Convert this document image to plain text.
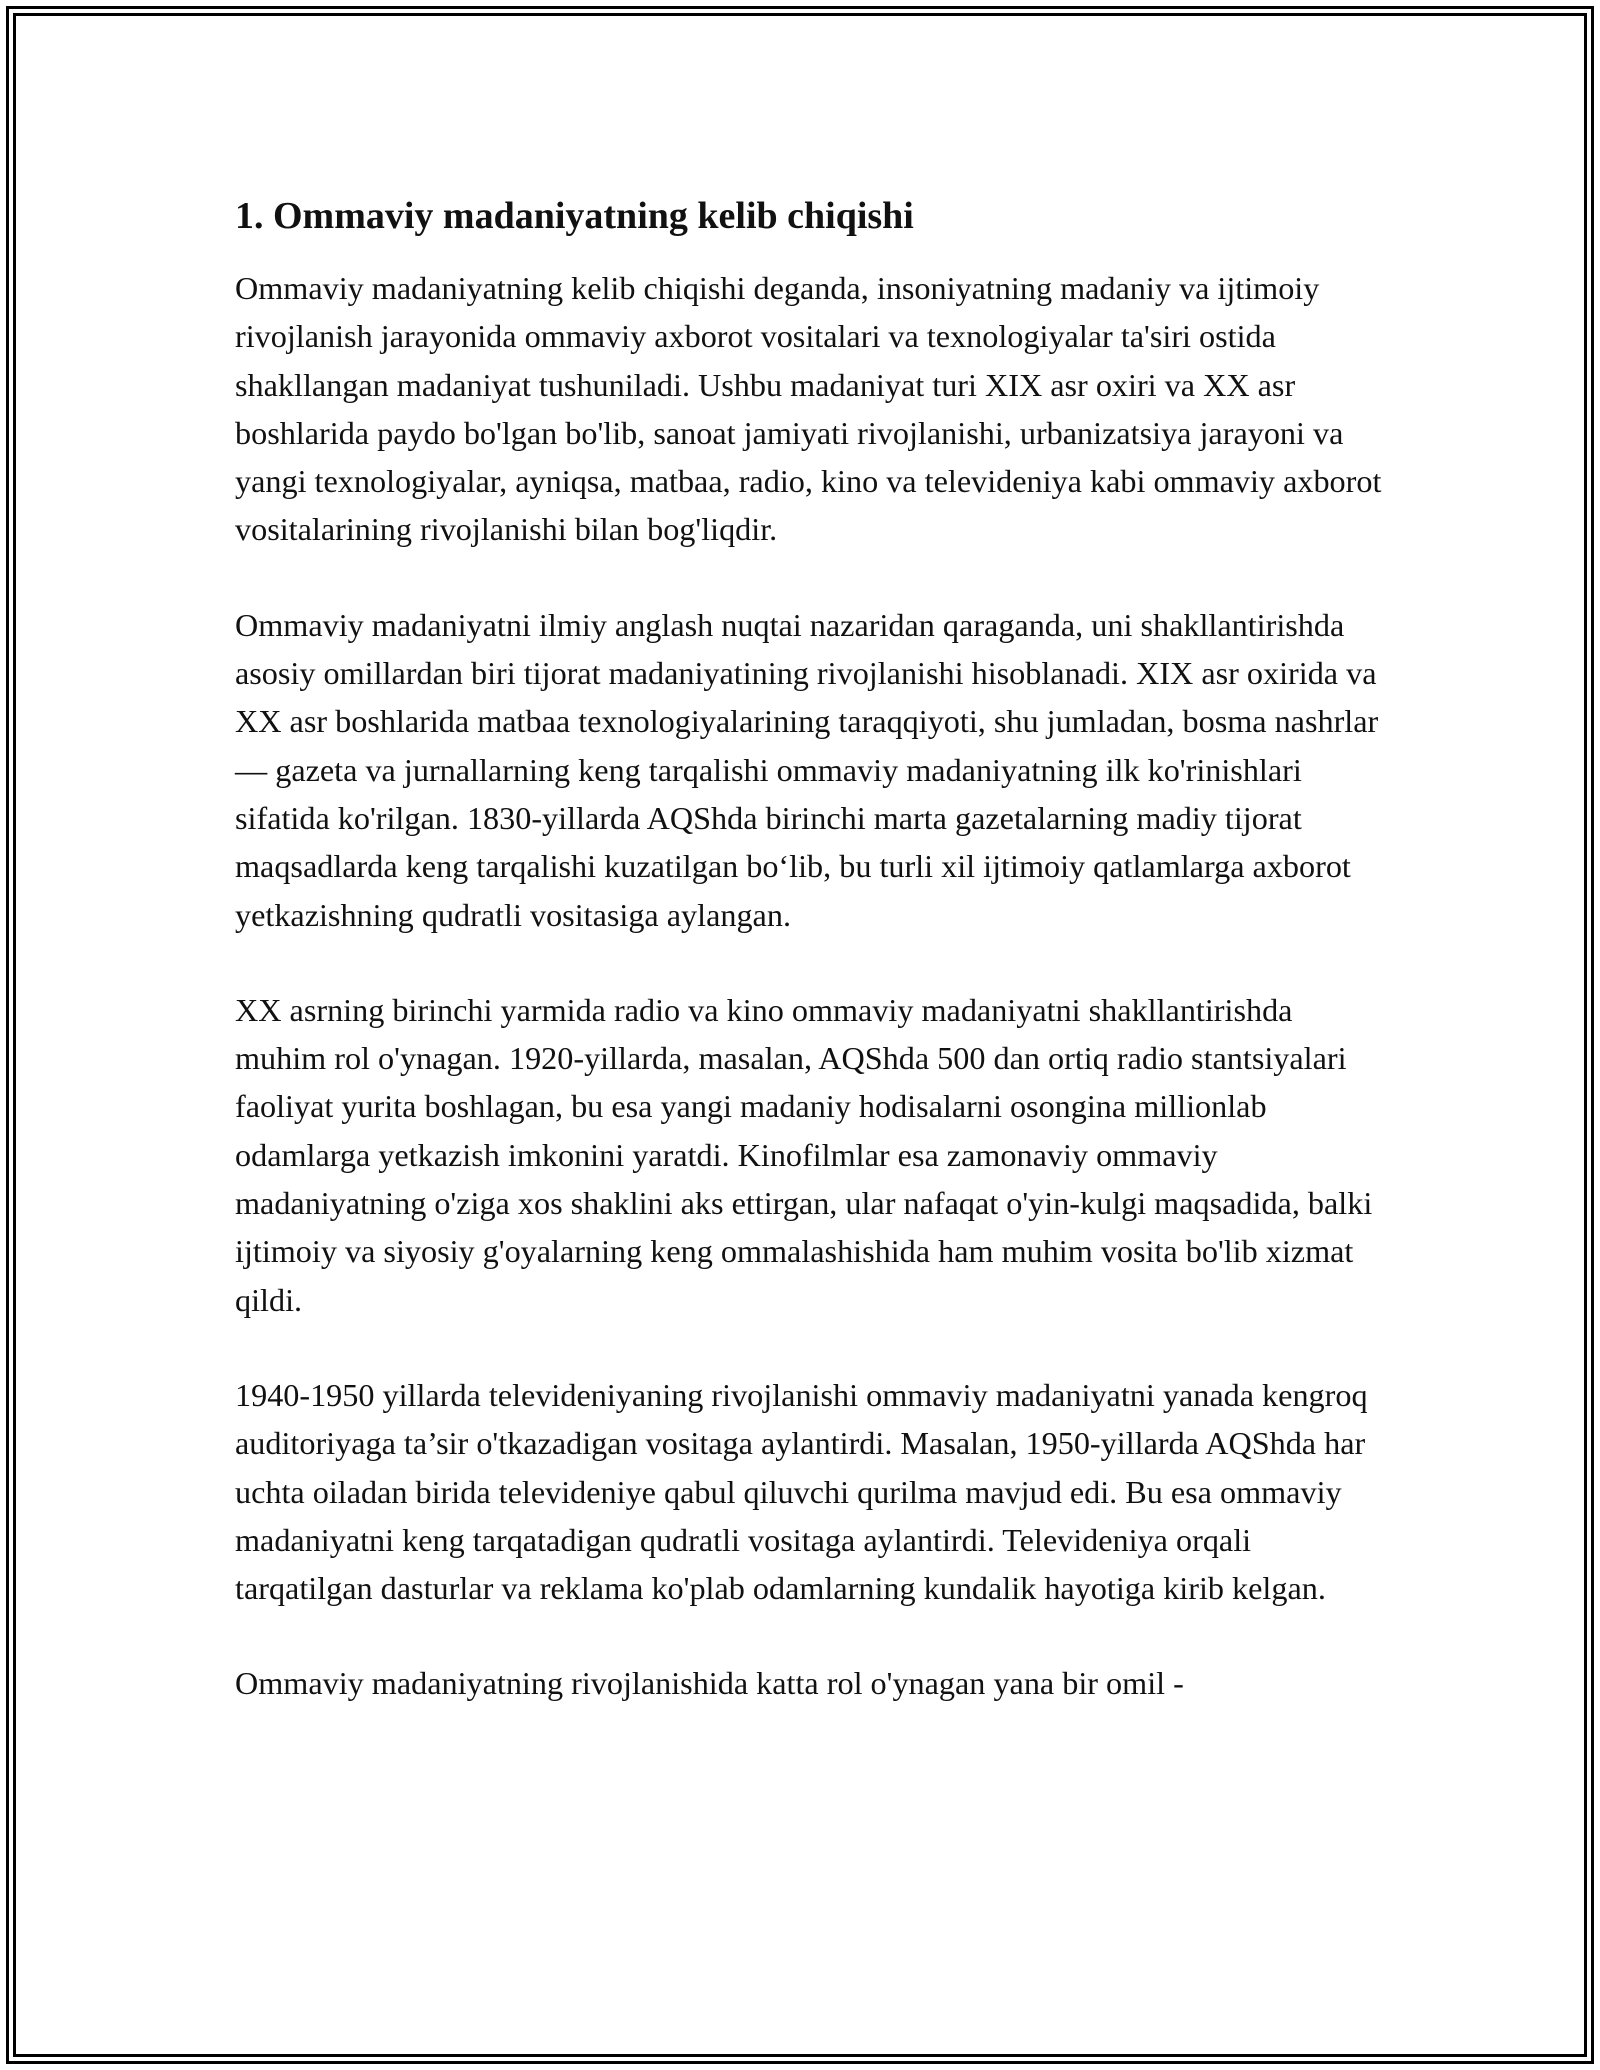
1. Ommaviy madaniyatning kelib chiqishi

Ommaviy madaniyatning kelib chiqishi deganda, insoniyatning madaniy va ijtimoiy rivojlanish jarayonida ommaviy axborot vositalari va texnologiyalar ta'siri ostida shakllangan madaniyat tushuniladi. Ushbu madaniyat turi XIX asr oxiri va XX asr boshlarida paydo bo'lgan bo'lib, sanoat jamiyati rivojlanishi, urbanizatsiya jarayoni va yangi texnologiyalar, ayniqsa, matbaa, radio, kino va televideniya kabi ommaviy axborot vositalarining rivojlanishi bilan bog'liqdir.

Ommaviy madaniyatni ilmiy anglash nuqtai nazaridan qaraganda, uni shakllantirishda asosiy omillardan biri tijorat madaniyatining rivojlanishi hisoblanadi. XIX asr oxirida va XX asr boshlarida matbaa texnologiyalarining taraqqiyoti, shu jumladan, bosma nashrlar — gazeta va jurnallarning keng tarqalishi ommaviy madaniyatning ilk ko'rinishlari sifatida ko'rilgan. 1830-yillarda AQShda birinchi marta gazetalarning madiy tijorat maqsadlarda keng tarqalishi kuzatilgan bo‘lib, bu turli xil ijtimoiy qatlamlarga axborot yetkazishning qudratli vositasiga aylangan.

XX asrning birinchi yarmida radio va kino ommaviy madaniyatni shakllantirishda muhim rol o'ynagan. 1920-yillarda, masalan, AQShda 500 dan ortiq radio stantsiyalari faoliyat yurita boshlagan, bu esa yangi madaniy hodisalarni osongina millionlab odamlarga yetkazish imkonini yaratdi. Kinofilmlar esa zamonaviy ommaviy madaniyatning o'ziga xos shaklini aks ettirgan, ular nafaqat o'yin-kulgi maqsadida, balki ijtimoiy va siyosiy g'oyalarning keng ommalashishida ham muhim vosita bo'lib xizmat qildi.

1940-1950 yillarda televideniyaning rivojlanishi ommaviy madaniyatni yanada kengroq auditoriyaga ta’sir o'tkazadigan vositaga aylantirdi. Masalan, 1950-yillarda AQShda har uchta oiladan birida televideniye qabul qiluvchi qurilma mavjud edi. Bu esa ommaviy madaniyatni keng tarqatadigan qudratli vositaga aylantirdi. Televideniya orqali tarqatilgan dasturlar va reklama ko'plab odamlarning kundalik hayotiga kirib kelgan.

Ommaviy madaniyatning rivojlanishida katta rol o'ynagan yana bir omil -
